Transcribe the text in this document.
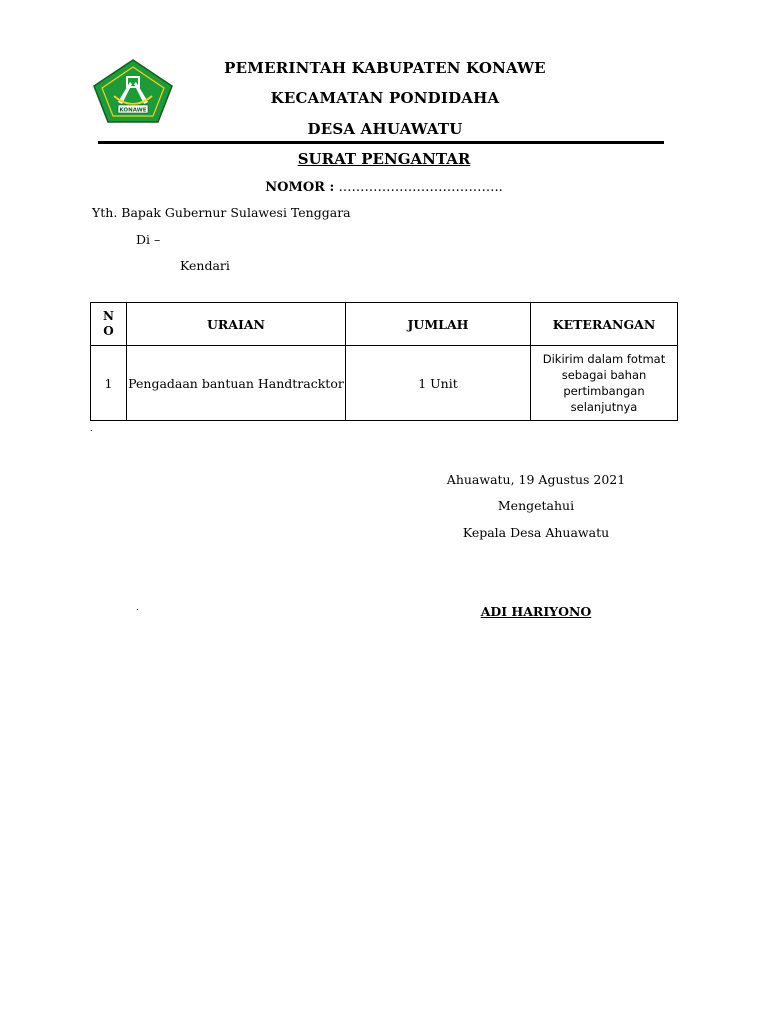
KONAWE
PEMERINTAH KABUPATEN KONAWE
KECAMATAN PONDIDAHA
DESA AHUAWATU
SURAT PENGANTAR
NOMOR : ………………………………..
Yth. Bapak Gubernur Sulawesi Tenggara
Di –
Kendari
N
O	URAIAN	JUMLAH	KETERANGAN
1	Pengadaan bantuan Handtracktor	1 Unit	Dikirim dalam fotmat
sebagai bahan
pertimbangan
selanjutnya
.
.
Ahuawatu, 19 Agustus 2021
Mengetahui
Kepala Desa Ahuawatu
ADI HARIYONO
